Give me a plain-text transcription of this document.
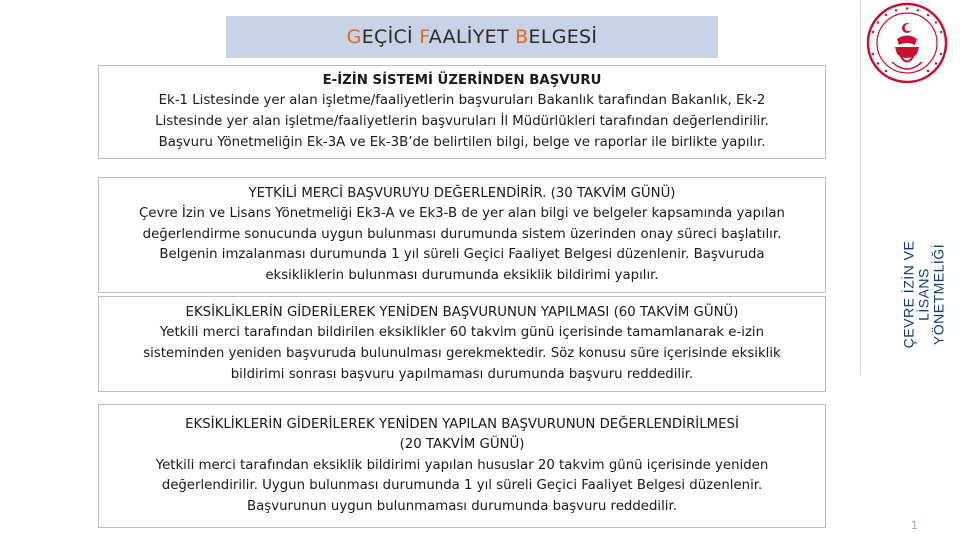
GEÇİCİ FAALİYET BELGESİ
E-İZİN SİSTEMİ ÜZERİNDEN BAŞVURU
Ek-1 Listesinde yer alan işletme/faaliyetlerin başvuruları Bakanlık tarafından Bakanlık, Ek-2
Listesinde yer alan işletme/faaliyetlerin başvuruları İl Müdürlükleri tarafından değerlendirilir.
Başvuru Yönetmeliğin Ek-3A ve Ek-3B’de belirtilen bilgi, belge ve raporlar ile birlikte yapılır.
YETKİLİ MERCİ BAŞVURUYU DEĞERLENDİRİR. (30 TAKVİM GÜNÜ)
Çevre İzin ve Lisans Yönetmeliği Ek3-A ve Ek3-B de yer alan bilgi ve belgeler kapsamında yapılan
değerlendirme sonucunda uygun bulunması durumunda sistem üzerinden onay süreci başlatılır.
Belgenin imzalanması durumunda 1 yıl süreli Geçici Faaliyet Belgesi düzenlenir. Başvuruda
eksikliklerin bulunması durumunda eksiklik bildirimi yapılır.
EKSİKLİKLERİN GİDERİLEREK YENİDEN BAŞVURUNUN YAPILMASI (60 TAKVİM GÜNÜ)
Yetkili merci tarafından bildirilen eksiklikler 60 takvim günü içerisinde tamamlanarak e-izin
sisteminden yeniden başvuruda bulunulması gerekmektedir. Söz konusu süre içerisinde eksiklik
bildirimi sonrası başvuru yapılmaması durumunda başvuru reddedilir.
EKSİKLİKLERİN GİDERİLEREK YENİDEN YAPILAN BAŞVURUNUN DEĞERLENDİRİLMESİ
(20 TAKVİM GÜNÜ)
Yetkili merci tarafından eksiklik bildirimi yapılan hususlar 20 takvim günü içerisinde yeniden
değerlendirilir. Uygun bulunması durumunda 1 yıl süreli Geçici Faaliyet Belgesi düzenlenir.
Başvurunun uygun bulunmaması durumunda başvuru reddedilir.
ÇEVRE İZİN VE LİSANS YÖNETMELİĞİ
1
